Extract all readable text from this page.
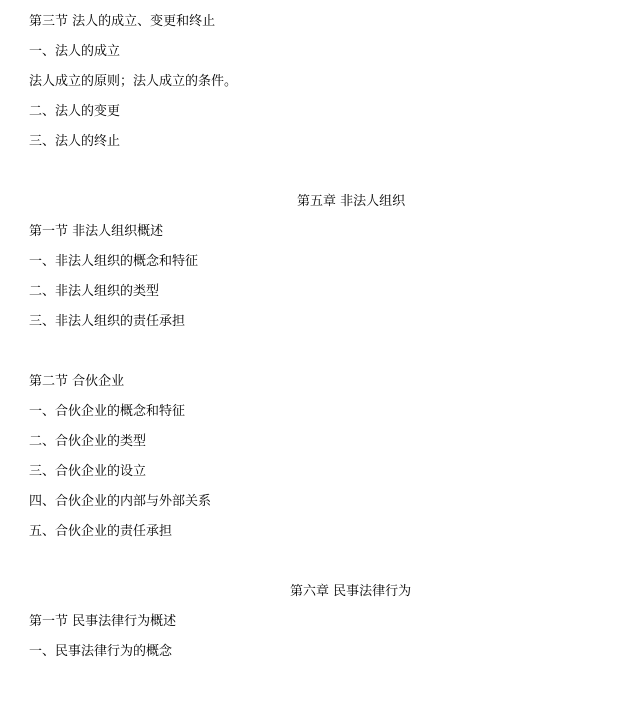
第三节 法人的成立、变更和终止
一、法人的成立
法人成立的原则；法人成立的条件。
二、法人的变更
三、法人的终止
第五章 非法人组织
第一节 非法人组织概述
一、非法人组织的概念和特征
二、非法人组织的类型
三、非法人组织的责任承担
第二节 合伙企业
一、合伙企业的概念和特征
二、合伙企业的类型
三、合伙企业的设立
四、合伙企业的内部与外部关系
五、合伙企业的责任承担
第六章 民事法律行为
第一节 民事法律行为概述
一、民事法律行为的概念
